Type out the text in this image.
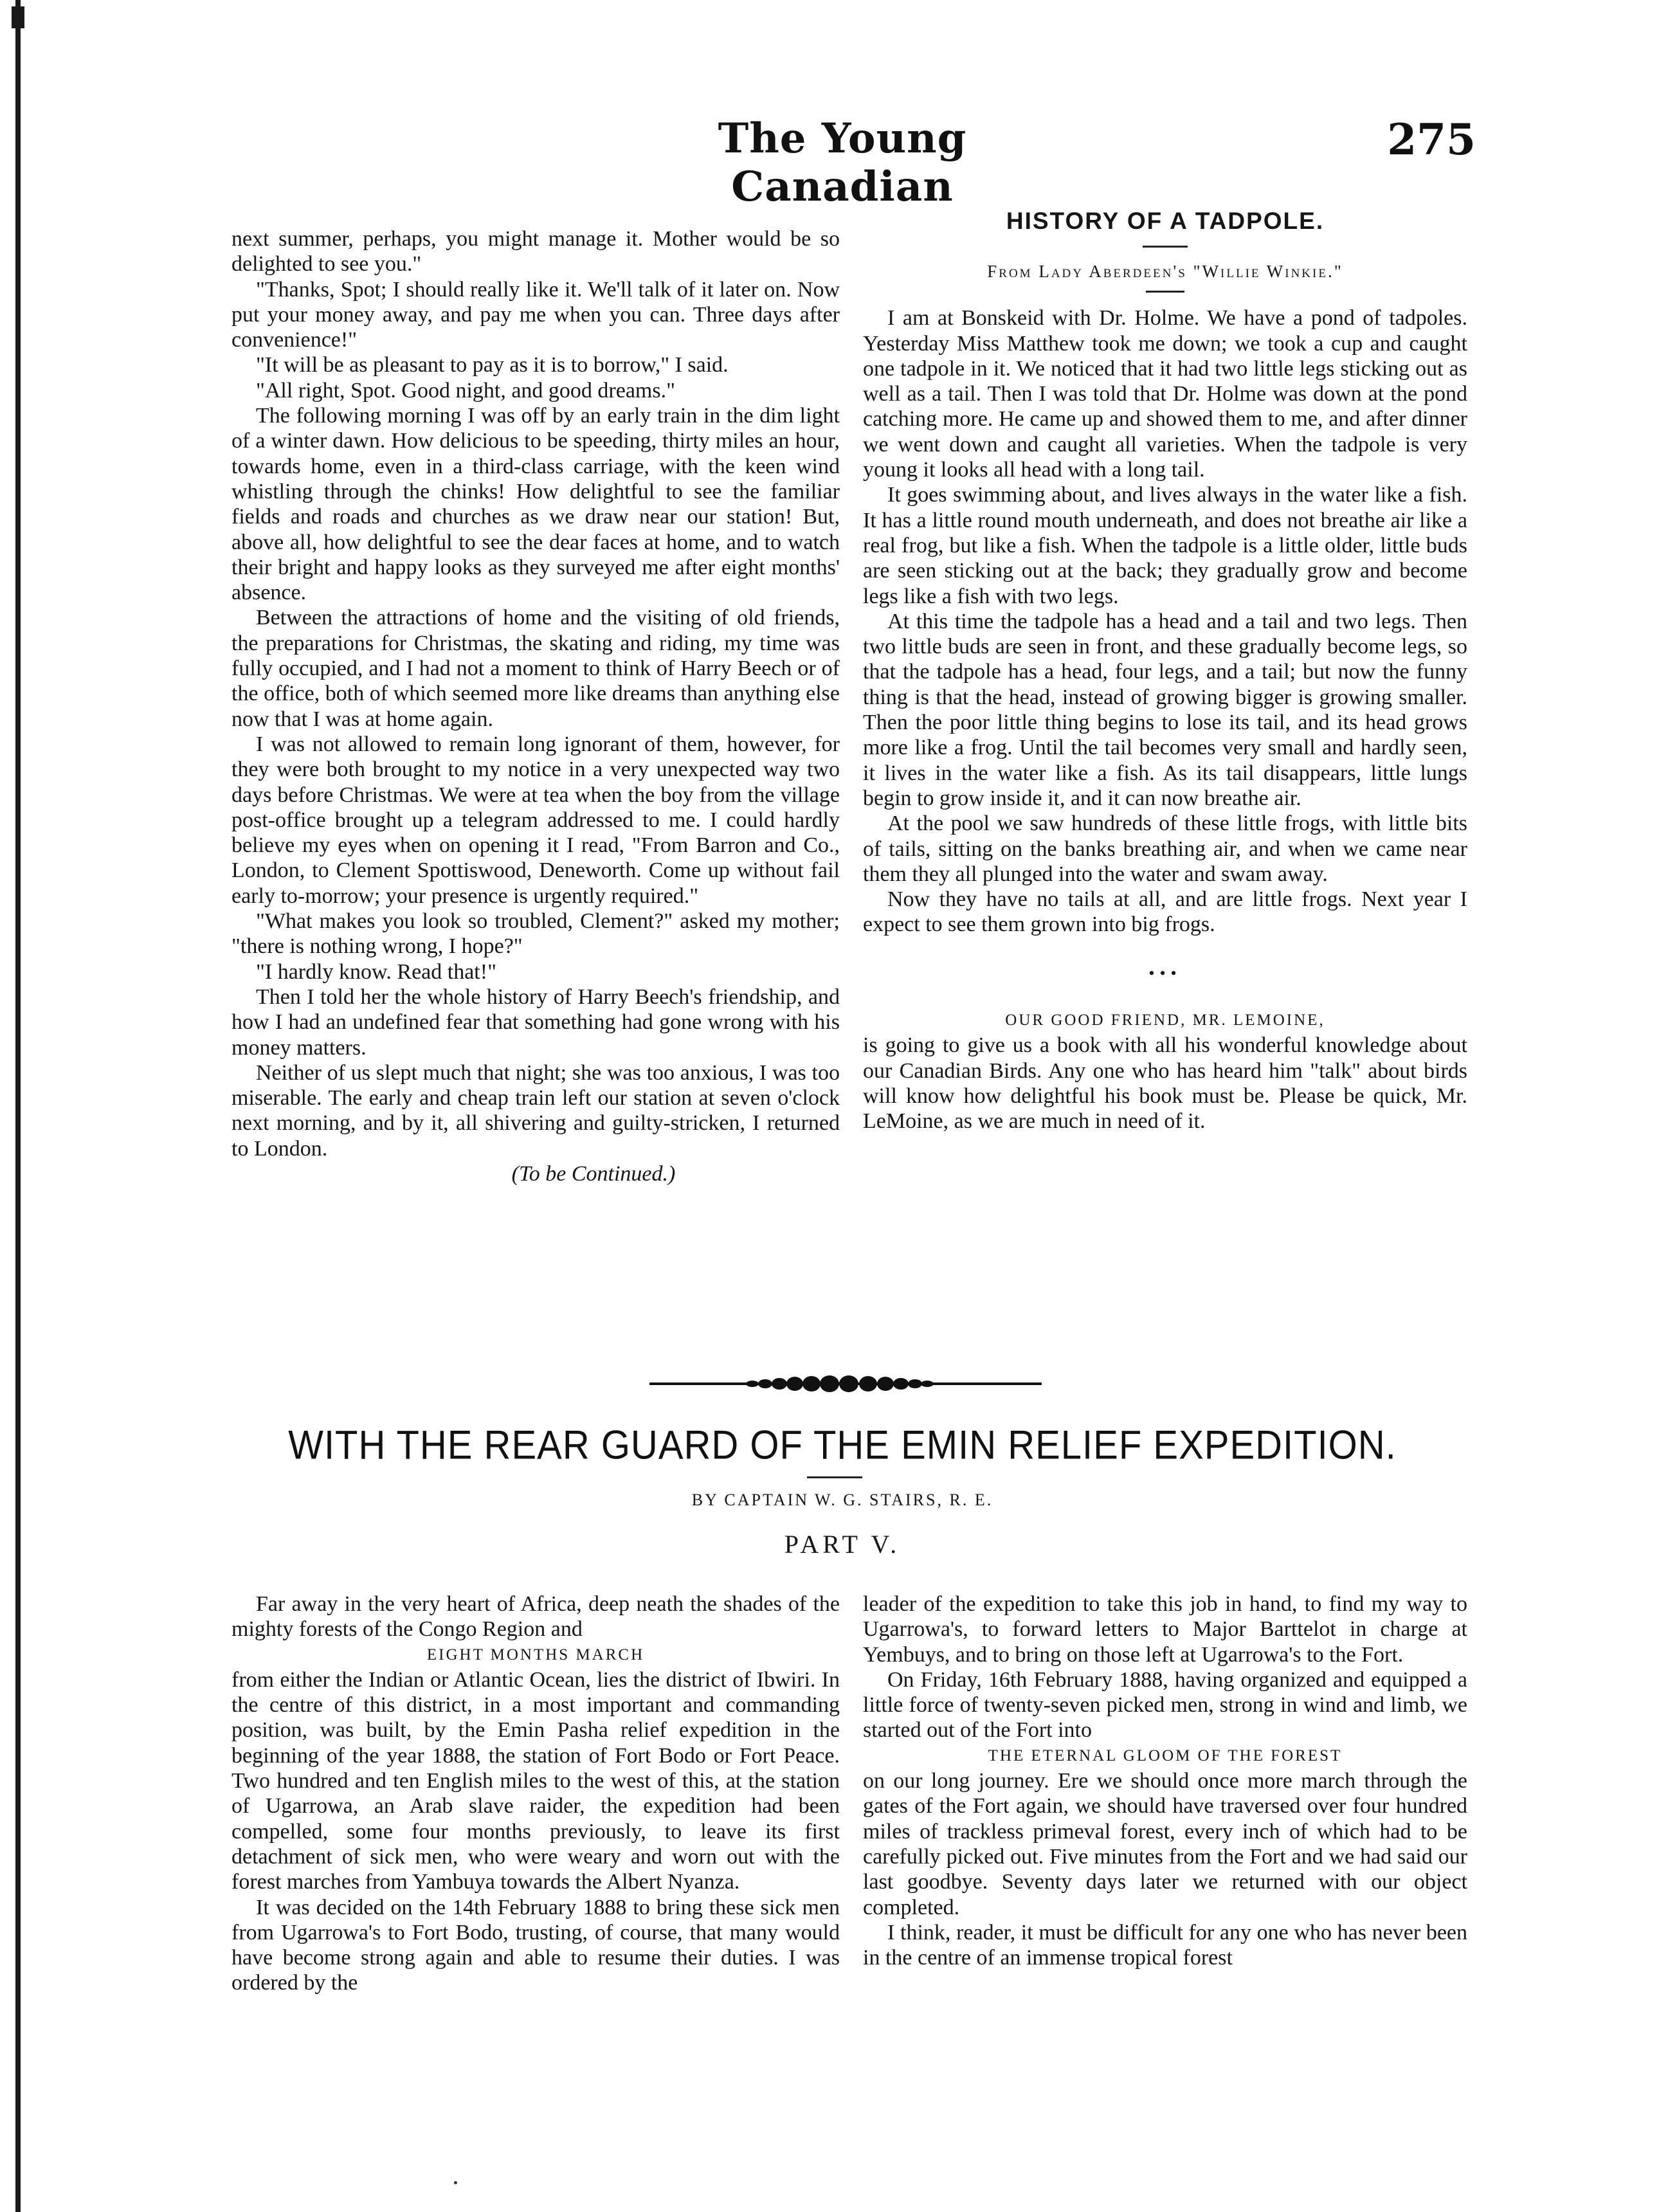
The Young Canadian
275

next summer, perhaps, you might manage it. Mother would be so delighted to see you."

"Thanks, Spot; I should really like it. We'll talk of it later on. Now put your money away, and pay me when you can. Three days after convenience!"

"It will be as pleasant to pay as it is to borrow," I said.

"All right, Spot. Good night, and good dreams."

The following morning I was off by an early train in the dim light of a winter dawn. How delicious to be speeding, thirty miles an hour, towards home, even in a third-class carriage, with the keen wind whistling through the chinks! How delightful to see the familiar fields and roads and churches as we draw near our station! But, above all, how delightful to see the dear faces at home, and to watch their bright and happy looks as they surveyed me after eight months' absence.

Between the attractions of home and the visiting of old friends, the preparations for Christmas, the skating and riding, my time was fully occupied, and I had not a moment to think of Harry Beech or of the office, both of which seemed more like dreams than anything else now that I was at home again.

I was not allowed to remain long ignorant of them, however, for they were both brought to my notice in a very unexpected way two days before Christmas. We were at tea when the boy from the village post-office brought up a telegram addressed to me. I could hardly believe my eyes when on opening it I read, "From Barron and Co., London, to Clement Spottiswood, Deneworth. Come up without fail early to-morrow; your presence is urgently required."

"What makes you look so troubled, Clement?" asked my mother; "there is nothing wrong, I hope?"

"I hardly know. Read that!"

Then I told her the whole history of Harry Beech's friendship, and how I had an undefined fear that something had gone wrong with his money matters.

Neither of us slept much that night; she was too anxious, I was too miserable. The early and cheap train left our station at seven o'clock next morning, and by it, all shivering and guilty-stricken, I returned to London.

(To be Continued.)

HISTORY OF A TADPOLE.
From Lady Aberdeen's "Willie Winkie."

I am at Bonskeid with Dr. Holme. We have a pond of tadpoles. Yesterday Miss Matthew took me down; we took a cup and caught one tadpole in it. We noticed that it had two little legs sticking out as well as a tail. Then I was told that Dr. Holme was down at the pond catching more. He came up and showed them to me, and after dinner we went down and caught all varieties. When the tadpole is very young it looks all head with a long tail.

It goes swimming about, and lives always in the water like a fish. It has a little round mouth underneath, and does not breathe air like a real frog, but like a fish. When the tadpole is a little older, little buds are seen sticking out at the back; they gradually grow and become legs like a fish with two legs.

At this time the tadpole has a head and a tail and two legs. Then two little buds are seen in front, and these gradually become legs, so that the tadpole has a head, four legs, and a tail; but now the funny thing is that the head, instead of growing bigger is growing smaller. Then the poor little thing begins to lose its tail, and its head grows more like a frog. Until the tail becomes very small and hardly seen, it lives in the water like a fish. As its tail disappears, little lungs begin to grow inside it, and it can now breathe air.

At the pool we saw hundreds of these little frogs, with little bits of tails, sitting on the banks breathing air, and when we came near them they all plunged into the water and swam away.

Now they have no tails at all, and are little frogs. Next year I expect to see them grown into big frogs.

•••

OUR GOOD FRIEND, MR. LEMOINE,

is going to give us a book with all his wonderful knowledge about our Canadian Birds. Any one who has heard him "talk" about birds will know how delightful his book must be. Please be quick, Mr. LeMoine, as we are much in need of it.

WITH THE REAR GUARD OF THE EMIN RELIEF EXPEDITION.
BY CAPTAIN W. G. STAIRS, R. E.
PART V.

Far away in the very heart of Africa, deep neath the shades of the mighty forests of the Congo Region and

EIGHT MONTHS MARCH

from either the Indian or Atlantic Ocean, lies the district of Ibwiri. In the centre of this district, in a most important and commanding position, was built, by the Emin Pasha relief expedition in the beginning of the year 1888, the station of Fort Bodo or Fort Peace. Two hundred and ten English miles to the west of this, at the station of Ugarrowa, an Arab slave raider, the expedition had been compelled, some four months previously, to leave its first detachment of sick men, who were weary and worn out with the forest marches from Yambuya towards the Albert Nyanza.

It was decided on the 14th February 1888 to bring these sick men from Ugarrowa's to Fort Bodo, trusting, of course, that many would have become strong again and able to resume their duties. I was ordered by the

leader of the expedition to take this job in hand, to find my way to Ugarrowa's, to forward letters to Major Barttelot in charge at Yembuys, and to bring on those left at Ugarrowa's to the Fort.

On Friday, 16th February 1888, having organized and equipped a little force of twenty-seven picked men, strong in wind and limb, we started out of the Fort into

THE ETERNAL GLOOM OF THE FOREST

on our long journey. Ere we should once more march through the gates of the Fort again, we should have traversed over four hundred miles of trackless primeval forest, every inch of which had to be carefully picked out. Five minutes from the Fort and we had said our last goodbye. Seventy days later we returned with our object completed.

I think, reader, it must be difficult for any one who has never been in the centre of an immense tropical forest
